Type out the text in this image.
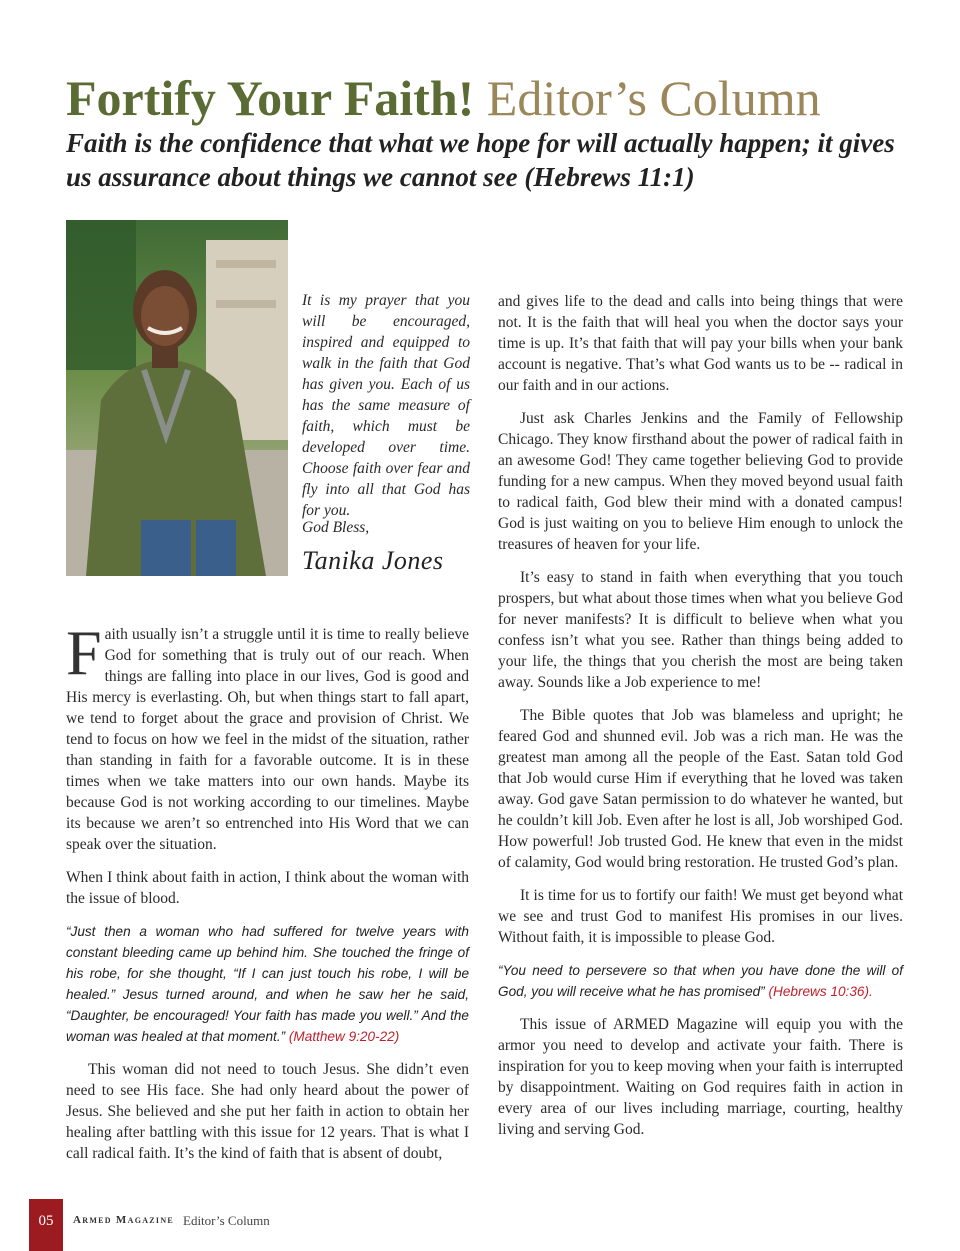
Fortify Your Faith! Editor’s Column

Faith is the confidence that what we hope for will actually happen; it gives us assurance about things we cannot see (Hebrews 11:1)

It is my prayer that you will be encouraged, inspired and equipped to walk in the faith that God has given you. Each of us has the same measure of faith, which must be developed over time. Choose faith over fear and fly into all that God has for you.

God Bless,
Tanika Jones

Faith usually isn’t a struggle until it is time to really believe God for something that is truly out of our reach. When things are falling into place in our lives, God is good and His mercy is everlasting. Oh, but when things start to fall apart, we tend to forget about the grace and provision of Christ. We tend to focus on how we feel in the midst of the situation, rather than standing in faith for a favorable outcome. It is in these times when we take matters into our own hands. Maybe its because God is not working according to our timelines. Maybe its because we aren’t so entrenched into His Word that we can speak over the situation.

When I think about faith in action, I think about the woman with the issue of blood.

“Just then a woman who had suffered for twelve years with constant bleeding came up behind him. She touched the fringe of his robe, for she thought, “If I can just touch his robe, I will be healed.” Jesus turned around, and when he saw her he said, “Daughter, be encouraged! Your faith has made you well.” And the woman was healed at that moment.” (Matthew 9:20-22)

This woman did not need to touch Jesus. She didn’t even need to see His face. She had only heard about the power of Jesus. She believed and she put her faith in action to obtain her healing after battling with this issue for 12 years. That is what I call radical faith. It’s the kind of faith that is absent of doubt,

and gives life to the dead and calls into being things that were not. It is the faith that will heal you when the doctor says your time is up. It’s that faith that will pay your bills when your bank account is negative. That’s what God wants us to be -- radical in our faith and in our actions.

Just ask Charles Jenkins and the Family of Fellowship Chicago. They know firsthand about the power of radical faith in an awesome God! They came together believing God to provide funding for a new campus. When they moved beyond usual faith to radical faith, God blew their mind with a donated campus! God is just waiting on you to believe Him enough to unlock the treasures of heaven for your life.

It’s easy to stand in faith when everything that you touch prospers, but what about those times when what you believe God for never manifests? It is difficult to believe when what you confess isn’t what you see. Rather than things being added to your life, the things that you cherish the most are being taken away. Sounds like a Job experience to me!

The Bible quotes that Job was blameless and upright; he feared God and shunned evil. Job was a rich man. He was the greatest man among all the people of the East. Satan told God that Job would curse Him if everything that he loved was taken away. God gave Satan permission to do whatever he wanted, but he couldn’t kill Job. Even after he lost is all, Job worshiped God. How powerful! Job trusted God. He knew that even in the midst of calamity, God would bring restoration. He trusted God’s plan.

It is time for us to fortify our faith! We must get beyond what we see and trust God to manifest His promises in our lives. Without faith, it is impossible to please God.

“You need to persevere so that when you have done the will of God, you will receive what he has promised” (Hebrews 10:36).

This issue of ARMED Magazine will equip you with the armor you need to develop and activate your faith. There is inspiration for you to keep moving when your faith is interrupted by disappointment. Waiting on God requires faith in action in every area of our lives including marriage, courting, healthy living and serving God.

05	Armed Magazine Editor’s Column
